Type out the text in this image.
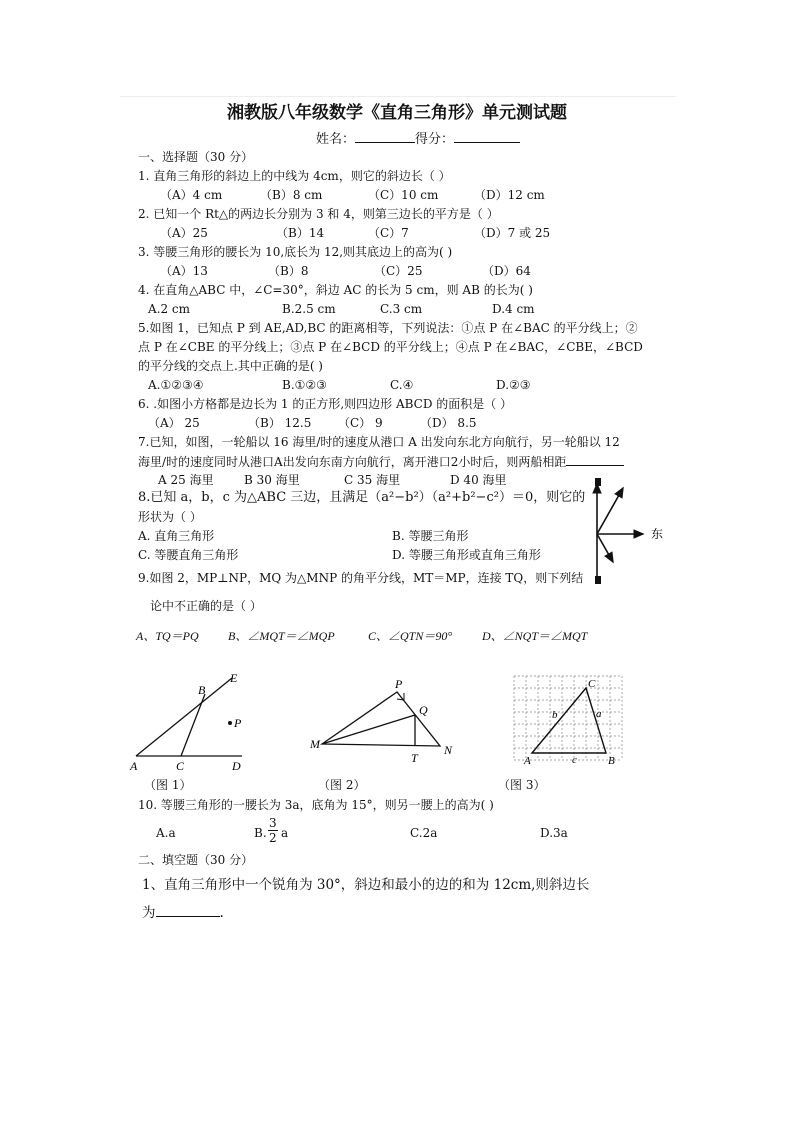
湘教版八年级数学《直角三角形》单元测试题
姓名：	得分：
一、选择题（30 分）
1. 直角三角形的斜边上的中线为 4cm，则它的斜边长（ ）
（A）4 cm	（B）8 cm	（C）10 cm	（D）12 cm
2. 已知一个 Rt△的两边长分别为 3 和 4，则第三边长的平方是（ ）
（A）25	（B）14	（C）7	（D）7 或 25
3. 等腰三角形的腰长为 10,底长为 12,则其底边上的高为( )
（A）13	（B）8	（C）25	（D）64
4. 在直角△ABC 中，∠C=30°，斜边 AC 的长为 5 cm，则 AB 的长为( )
A.2 cm	B.2.5 cm	C.3 cm	D.4 cm
5.如图 1，已知点 P 到 AE,AD,BC 的距离相等，下列说法：①点 P 在∠BAC 的平分线上；②
点 P 在∠CBE 的平分线上；③点 P 在∠BCD 的平分线上；④点 P 在∠BAC，∠CBE，∠BCD
的平分线的交点上.其中正确的是( )
A.①②③④	B.①②③	C.④	D.②③
6. .如图小方格都是边长为 1 的正方形,则四边形 ABCD 的面积是（ ）
（A） 25	（B） 12.5 （C） 9	（D） 8.5
7.已知，如图，一轮船以 16 海里/时的速度从港口 A 出发向东北方向航行，另一轮船以 12
海里/时的速度同时从港口A出发向东南方向航行，离开港口2小时后，则两船相距
A 25 海里	B 30 海里	C 35 海里	D 40 海里
8.已知 a，b，c 为△ABC 三边，且满足（a²−b²）（a²+b²−c²）＝0，则它的
形状为（ ）
A. 直角三角形	B. 等腰三角形
C. 等腰直角三角形	D. 等腰三角形或直角三角形
东
9.如图 2，MP⊥NP，MQ 为△MNP 的角平分线，MT＝MP，连接 TQ，则下列结
论中不正确的是（ ）
A、TQ＝PQ B、∠MQT＝∠MQP	C、∠QTN＝90° D、∠NQT＝∠MQT
A
B
C	D
E
P
（图 1）
M	N
P
Q
T
（图 2）
A	B
C
a
b
c
（图 3）
10. 等腰三角形的一腰长为 3a，底角为 15°，则另一腰上的高为( )
A.a	B. $\frac{3}{2}$ a	C.2a	D.3a
二、填空题（30 分）
1、直角三角形中一个锐角为 30°，斜边和最小的边的和为 12cm,则斜边长
为	.
